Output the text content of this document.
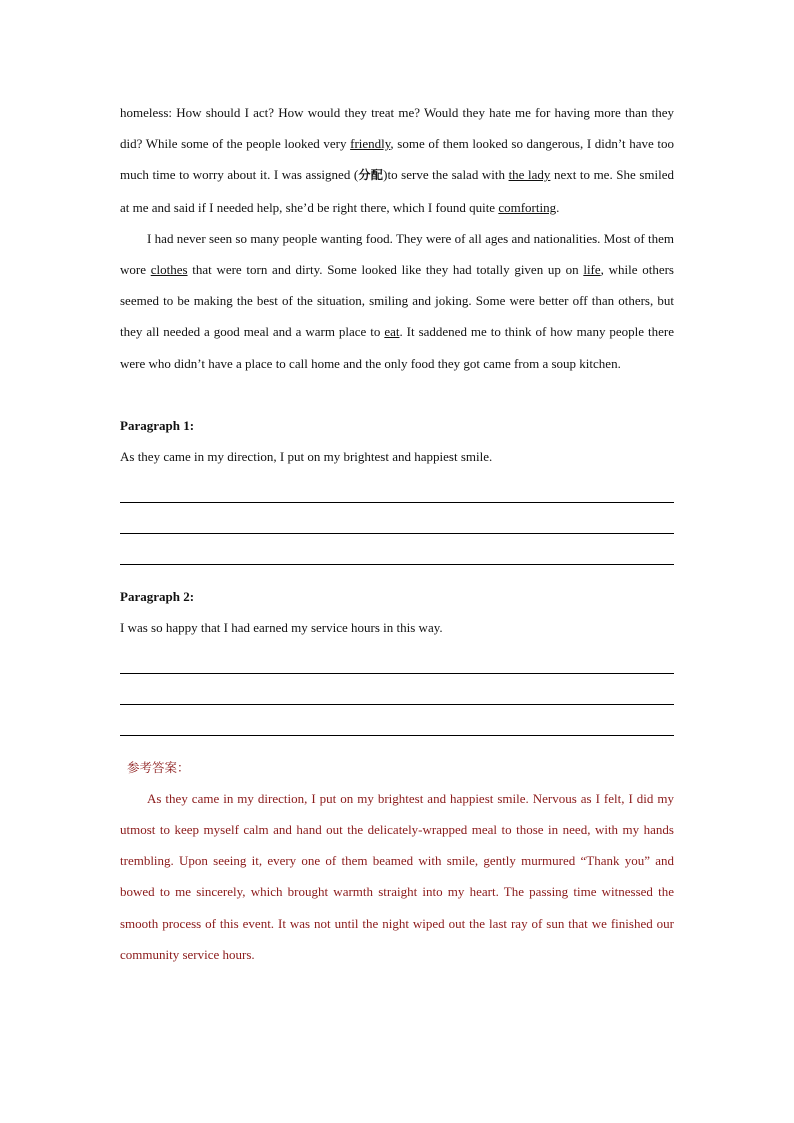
homeless: How should I act? How would they treat me? Would they hate me for having more than they did? While some of the people looked very friendly, some of them looked so dangerous, I didn’t have too much time to worry about it. I was assigned (分配)to serve the salad with the lady next to me. She smiled at me and said if I needed help, she’d be right there, which I found quite comforting.

I had never seen so many people wanting food. They were of all ages and nationalities. Most of them wore clothes that were torn and dirty. Some looked like they had totally given up on life, while others seemed to be making the best of the situation, smiling and joking. Some were better off than others, but they all needed a good meal and a warm place to eat. It saddened me to think of how many people there were who didn’t have a place to call home and the only food they got came from a soup kitchen.

Paragraph 1:

As they came in my direction, I put on my brightest and happiest smile.

Paragraph 2:

I was so happy that I had earned my service hours in this way.

参考答案：

As they came in my direction, I put on my brightest and happiest smile. Nervous as I felt, I did my utmost to keep myself calm and hand out the delicately-wrapped meal to those in need, with my hands trembling. Upon seeing it, every one of them beamed with smile, gently murmured “Thank you” and bowed to me sincerely, which brought warmth straight into my heart. The passing time witnessed the smooth process of this event. It was not until the night wiped out the last ray of sun that we finished our community service hours.
